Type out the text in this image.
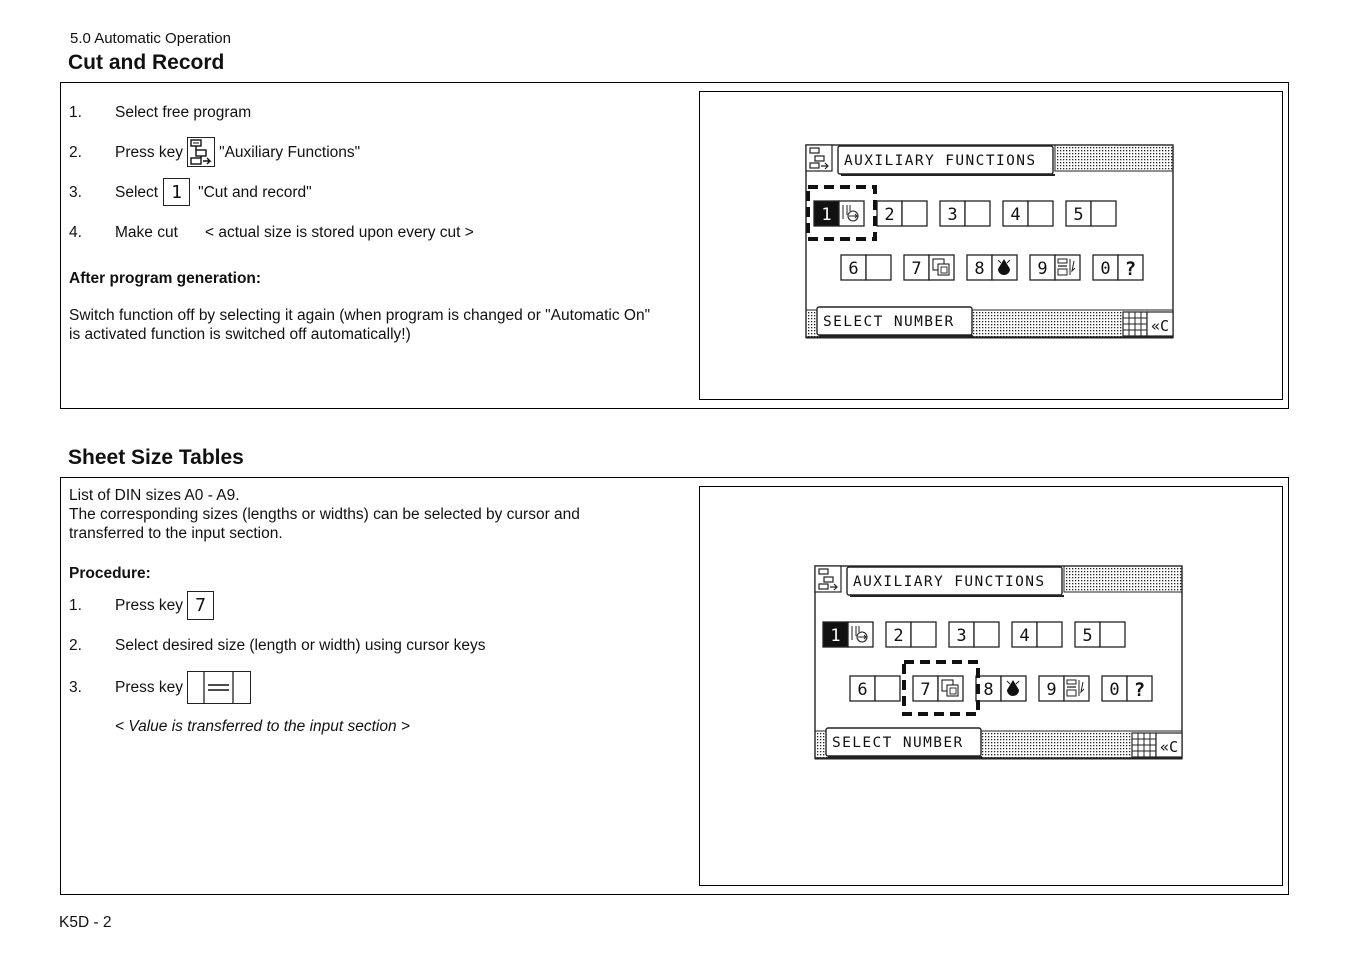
5.0 Automatic Operation
Cut and Record
1.	Select free program
2.	Press key "Auxiliary Functions"
3.	Select 1	"Cut and record"
4.	Make cut	< actual size is stored upon every cut >
After program generation:
Switch function off by selecting it again (when program is changed or "Automatic On" is activated function is switched off automatically!)
AUXILIARY FUNCTIONS
1	2	3	4	5
6	7	8	9	0 ?
SELECT NUMBER	«C
Sheet Size Tables
List of DIN sizes A0 - A9.
The corresponding sizes (lengths or widths) can be selected by cursor and
transferred to the input section.
Procedure:
1.	Press key 7
2.	Select desired size (length or width) using cursor keys
3.	Press key
< Value is transferred to the input section >
AUXILIARY FUNCTIONS
1	2	3	4	5
6	7	8	9	0 ?
SELECT NUMBER	«C
K5D - 2
